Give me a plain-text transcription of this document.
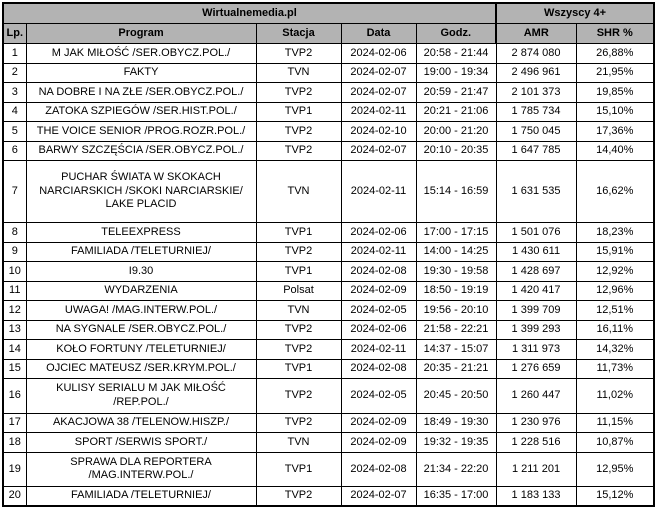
Wirtualnemedia.pl					Wszyscy 4+	
Lp.	Program	Stacja	Data	Godz.	AMR	SHR %
1	M JAK MIŁOŚĆ /SER.OBYCZ.POL./	TVP2	2024-02-06	20:58 - 21:44	2 874 080	26,88%
2	FAKTY	TVN	2024-02-07	19:00 - 19:34	2 496 961	21,95%
3	NA DOBRE I NA ZŁE /SER.OBYCZ.POL./	TVP2	2024-02-07	20:59 - 21:47	2 101 373	19,85%
4	ZATOKA SZPIEGÓW /SER.HIST.POL./	TVP1	2024-02-11	20:21 - 21:06	1 785 734	15,10%
5	THE VOICE SENIOR /PROG.ROZR.POL./	TVP2	2024-02-10	20:00 - 21:20	1 750 045	17,36%
6	BARWY SZCZĘŚCIA /SER.OBYCZ.POL./	TVP2	2024-02-07	20:10 - 20:35	1 647 785	14,40%
7	PUCHAR ŚWIATA W SKOKACH NARCIARSKICH /SKOKI NARCIARSKIE/ LAKE PLACID	TVN	2024-02-11	15:14 - 16:59	1 631 535	16,62%
8	TELEEXPRESS	TVP1	2024-02-06	17:00 - 17:15	1 501 076	18,23%
9	FAMILIADA /TELETURNIEJ/	TVP2	2024-02-11	14:00 - 14:25	1 430 611	15,91%
10	I9.30	TVP1	2024-02-08	19:30 - 19:58	1 428 697	12,92%
11	WYDARZENIA	Polsat	2024-02-09	18:50 - 19:19	1 420 417	12,96%
12	UWAGA! /MAG.INTERW.POL./	TVN	2024-02-05	19:56 - 20:10	1 399 709	12,51%
13	NA SYGNALE /SER.OBYCZ.POL./	TVP2	2024-02-06	21:58 - 22:21	1 399 293	16,11%
14	KOŁO FORTUNY /TELETURNIEJ/	TVP2	2024-02-11	14:37 - 15:07	1 311 973	14,32%
15	OJCIEC MATEUSZ /SER.KRYM.POL./	TVP1	2024-02-08	20:35 - 21:21	1 276 659	11,73%
16	KULISY SERIALU M JAK MIŁOŚĆ /REP.POL./	TVP2	2024-02-05	20:45 - 20:50	1 260 447	11,02%
17	AKACJOWA 38 /TELENOW.HISZP./	TVP2	2024-02-09	18:49 - 19:30	1 230 976	11,15%
18	SPORT /SERWIS SPORT./	TVN	2024-02-09	19:32 - 19:35	1 228 516	10,87%
19	SPRAWA DLA REPORTERA /MAG.INTERW.POL./	TVP1	2024-02-08	21:34 - 22:20	1 211 201	12,95%
20	FAMILIADA /TELETURNIEJ/	TVP2	2024-02-07	16:35 - 17:00	1 183 133	15,12%
